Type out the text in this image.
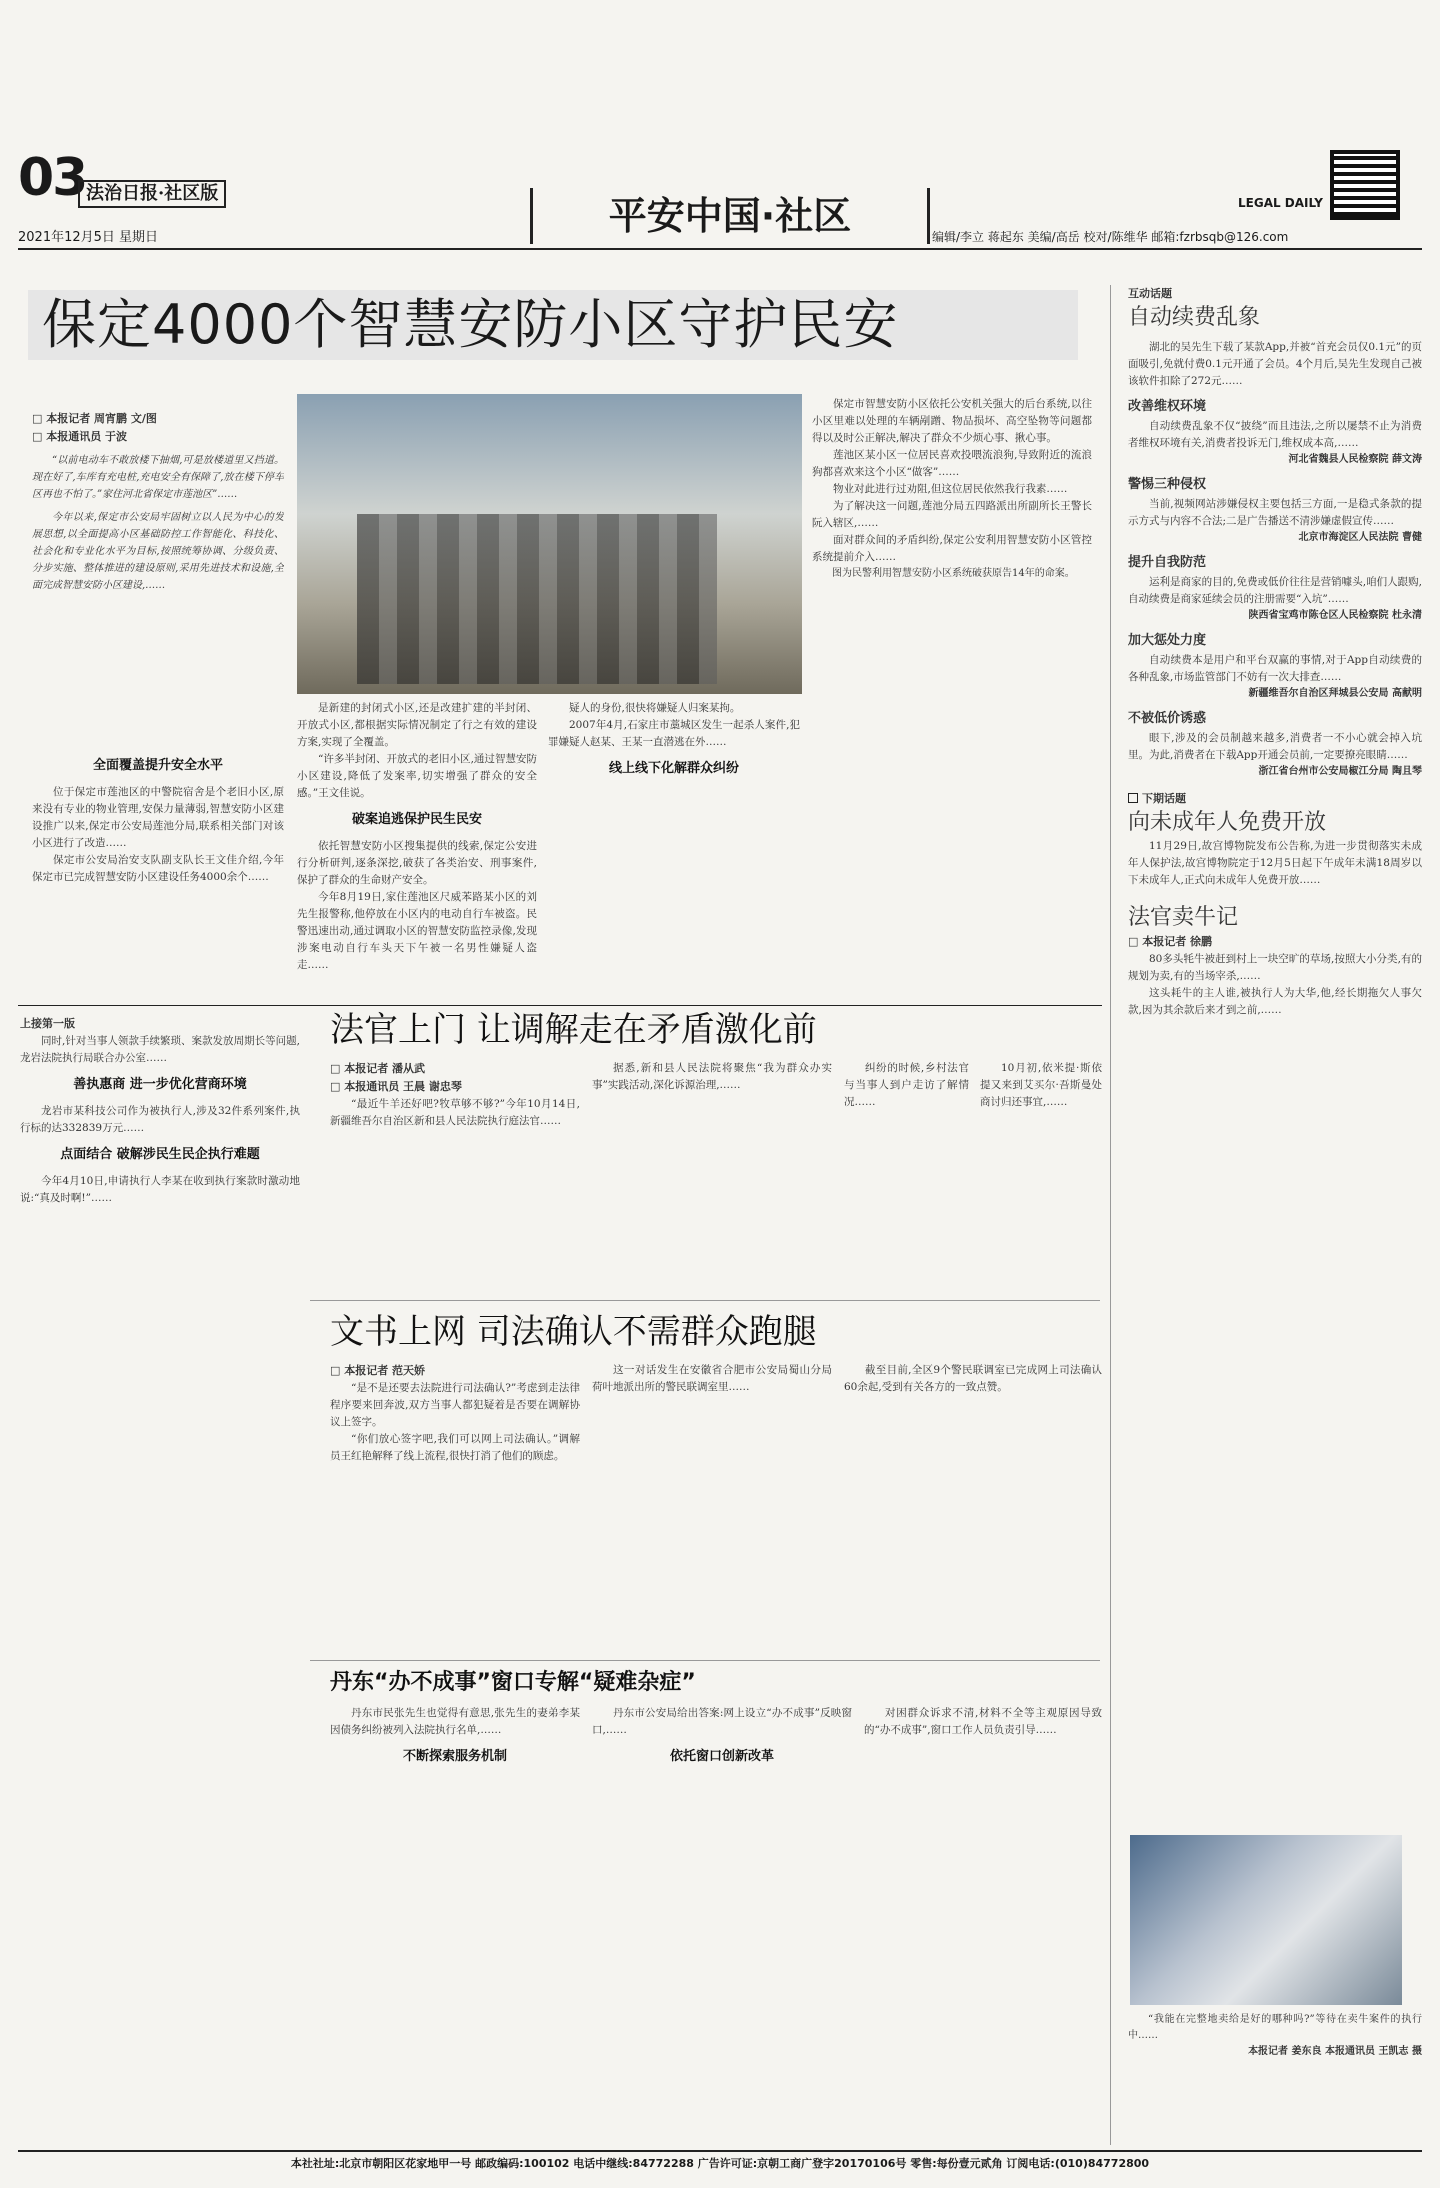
03 法治日报·社区版
2021年12月5日 星期日	平安中国·社区	编辑/李立 蒋起东 美编/高岳 校对/陈维华 邮箱:fzrbsqb@126.com
LEGAL DAILY
保定4000个智慧安防小区守护民安
□ 本报记者 周宵鹏 文/图
□ 本报通讯员 于波

“以前电动车不敢放楼下抽烟,可是放楼道里又挡道。现在好了,车库有充电桩,充电安全有保障了,放在楼下停车区再也不怕了。”家住河北省保定市莲池区”……

今年以来,保定市公安局牢固树立以人民为中心的发展思想,以全面提高小区基础防控工作智能化、科技化、社会化和专业化水平为目标,按照统筹协调、分级负责、分步实施、整体推进的建设原则,采用先进技术和设施,全面完成智慧安防小区建设,……

全面覆盖提升安全水平

位于保定市莲池区的中警院宿舍是个老旧小区,原来没有专业的物业管理,安保力量薄弱,智慧安防小区建设推广以来,保定市公安局莲池分局,联系相关部门对该小区进行了改造……

保定市公安局治安支队副支队长王文佳介绍,今年保定市已完成智慧安防小区建设任务4000余个……

是新建的封闭式小区,还是改建扩建的半封闭、开放式小区,都根据实际情况制定了行之有效的建设方案,实现了全覆盖。

“许多半封闭、开放式的老旧小区,通过智慧安防小区建设,降低了发案率,切实增强了群众的安全感。”王文佳说。

破案追逃保护民生民安

依托智慧安防小区搜集提供的线索,保定公安进行分析研判,逐条深挖,破获了各类治安、刑事案件,保护了群众的生命财产安全。

今年8月19日,家住莲池区尺威苯路某小区的刘先生报警称,他停放在小区内的电动自行车被盗。民警迅速出动,通过调取小区的智慧安防监控录像,发现涉案电动自行车头天下午被一名男性嫌疑人盗走……

疑人的身份,很快将嫌疑人归案某拘。

2007年4月,石家庄市藁城区发生一起杀人案件,犯罪嫌疑人赵某、王某一直潜逃在外……

线上线下化解群众纠纷

保定市智慧安防小区依托公安机关强大的后台系统,以往小区里难以处理的车辆剐蹭、物品损坏、高空坠物等问题都得以及时公正解决,解决了群众不少烦心事、揪心事。

莲池区某小区一位居民喜欢投喂流浪狗,导致附近的流浪狗都喜欢来这个小区“做客”……

物业对此进行过劝阻,但这位居民依然我行我素……

为了解决这一问题,莲池分局五四路派出所副所长王警长阮入辖区,……

面对群众间的矛盾纠纷,保定公安利用智慧安防小区管控系统提前介入……

图为民警利用智慧安防小区系统破获原告14年的命案。

上接第一版

同时,针对当事人领款手续繁琐、案款发放周期长等问题,龙岩法院执行局联合办公室……

善执惠商 进一步优化营商环境

龙岩市某科技公司作为被执行人,涉及32件系列案件,执行标的达332839万元……

点面结合 破解涉民生民企执行难题

今年4月10日,申请执行人李某在收到执行案款时激动地说:“真及时啊!”……

法官上门 让调解走在矛盾激化前
□ 本报记者 潘从武
□ 本报通讯员 王晨 谢忠琴

“最近牛羊还好吧?牧草够不够?”今年10月14日,新疆维吾尔自治区新和县人民法院执行庭法官……

据悉,新和县人民法院将聚焦“我为群众办实事”实践活动,深化诉源治理,……

纠纷的时候,乡村法官与当事人到户走访了解情况……

10月初,依米提·斯依提又来到艾买尔·吾斯曼处商讨归还事宜,……

文书上网 司法确认不需群众跑腿
□ 本报记者 范天娇

“是不是还要去法院进行司法确认?”考虑到走法律程序要来回奔波,双方当事人都犯疑着是否要在调解协议上签字。

“你们放心签字吧,我们可以网上司法确认。”调解员王红艳解释了线上流程,很快打消了他们的顾虑。

这一对话发生在安徽省合肥市公安局蜀山分局荷叶地派出所的警民联调室里……

截至目前,全区9个警民联调室已完成网上司法确认60余起,受到有关各方的一致点赞。

丹东“办不成事”窗口专解“疑难杂症”

丹东市民张先生也觉得有意思,张先生的妻弟李某因债务纠纷被列入法院执行名单,……

不断探索服务机制

丹东市公安局给出答案:网上设立“办不成事”反映窗口,……

依托窗口创新改革

对困群众诉求不清,材料不全等主观原因导致的“办不成事”,窗口工作人员负责引导……

互动话题
自动续费乱象

湖北的吴先生下载了某款App,并被“首充会员仅0.1元”的页面吸引,免就付费0.1元开通了会员。4个月后,吴先生发现自己被该软件扣除了272元……

改善维权环境

自动续费乱象不仅“披绕”而且违法,之所以屡禁不止为消费者维权环境有关,消费者投诉无门,维权成本高,……

河北省魏县人民检察院 薛文涛
警惕三种侵权

当前,视频网站涉嫌侵权主要包括三方面,一是稳式条款的提示方式与内容不合法;二是广告播送不清涉嫌虚假宣传……

北京市海淀区人民法院 曹健
提升自我防范

运利是商家的目的,免费或低价往往是营销噱头,咱们人跟购,自动续费是商家延续会员的注册需要“入坑”……

陕西省宝鸡市陈仓区人民检察院 杜永清
加大惩处力度

自动续费本是用户和平台双赢的事情,对于App自动续费的各种乱象,市场监管部门不妨有一次大排查……

新疆维吾尔自治区拜城县公安局 高献明
不被低价诱惑

眼下,涉及的会员制越来越多,消费者一不小心就会掉入坑里。为此,消费者在下载App开通会员前,一定要撩亮眼睛……

浙江省台州市公安局椒江分局 陶且琴
下期话题
向未成年人免费开放

11月29日,故宫博物院发布公告称,为进一步贯彻落实未成年人保护法,故宫博物院定于12月5日起下午成年未满18周岁以下未成年人,正式向未成年人免费开放……

法官卖牛记
□ 本报记者 徐鹏

80多头牦牛被赶到村上一块空旷的草场,按照大小分类,有的规划为卖,有的当场宰杀,……

这头耗牛的主人谁,被执行人为大华,他,经长期拖欠人事欠款,因为其余款后来才到之前,……

“我能在完整地卖给是好的哪种吗?”等待在卖牛案件的执行中……

本报记者 姜东良 本报通讯员 王凯志 摄
本社社址:北京市朝阳区花家地甲一号 邮政编码:100102 电话中继线:84772288 广告许可证:京朝工商广登字20170106号 零售:每份壹元贰角 订阅电话:(010)84772800
